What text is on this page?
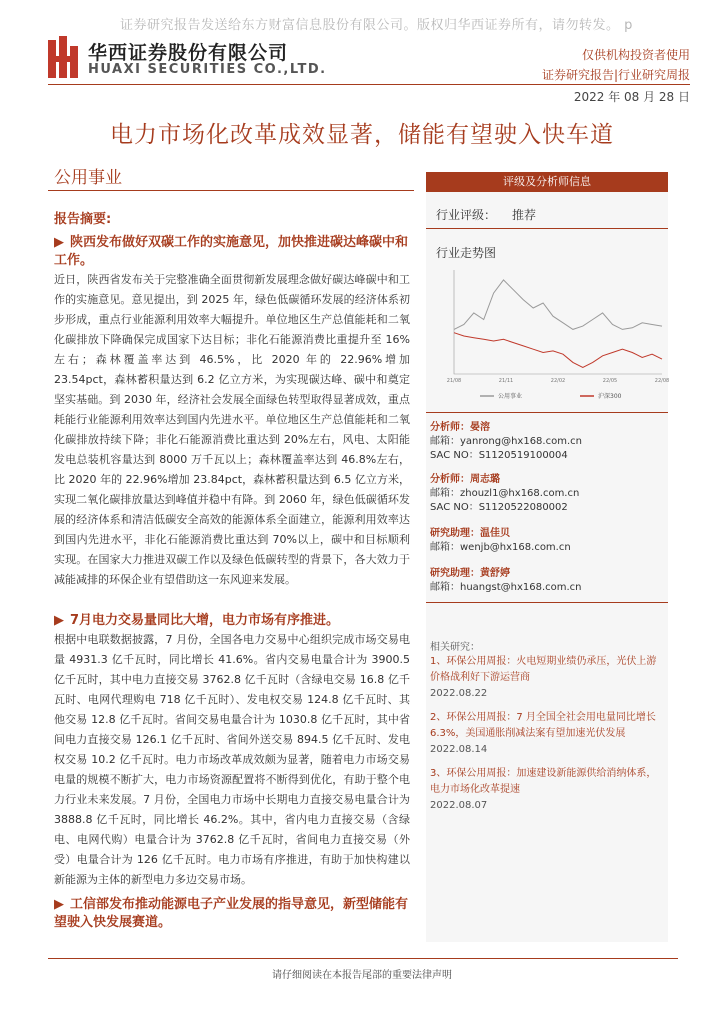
证券研究报告发送给东方财富信息股份有限公司。版权归华西证券所有，请勿转发。 p
华西证券股份有限公司
HUAXI SECURITIES CO.,LTD.
仅供机构投资者使用
证券研究报告|行业研究周报
2022 年 08 月 28 日
电力市场化改革成效显著，储能有望驶入快车道
公用事业
报告摘要:
▶ 陕西发布做好双碳工作的实施意见，加快推进碳达峰碳中和工作。
近日，陕西省发布关于完整准确全面贯彻新发展理念做好碳达峰碳中和工作的实施意见。意见提出，到 2025 年，绿色低碳循环发展的经济体系初步形成，重点行业能源利用效率大幅提升。单位地区生产总值能耗和二氧化碳排放下降确保完成国家下达目标；非化石能源消费比重提升至 16%左右；森林覆盖率达到 46.5%，比 2020 年的 22.96%增加 23.54pct，森林蓄积量达到 6.2 亿立方米，为实现碳达峰、碳中和奠定坚实基础。到 2030 年，经济社会发展全面绿色转型取得显著成效，重点耗能行业能源利用效率达到国内先进水平。单位地区生产总值能耗和二氧化碳排放持续下降；非化石能源消费比重达到 20%左右，风电、太阳能发电总装机容量达到 8000 万千瓦以上；森林覆盖率达到 46.8%左右，比 2020 年的 22.96%增加 23.84pct，森林蓄积量达到 6.5 亿立方米，实现二氧化碳排放量达到峰值并稳中有降。到 2060 年，绿色低碳循环发展的经济体系和清洁低碳安全高效的能源体系全面建立，能源利用效率达到国内先进水平，非化石能源消费比重达到 70%以上，碳中和目标顺利实现。在国家大力推进双碳工作以及绿色低碳转型的背景下，各大效力于减能减排的环保企业有望借助这一东风迎来发展。
▶ 7月电力交易量同比大增，电力市场有序推进。
根据中电联数据披露，7 月份，全国各电力交易中心组织完成市场交易电量 4931.3 亿千瓦时，同比增长 41.6%。省内交易电量合计为 3900.5 亿千瓦时，其中电力直接交易 3762.8 亿千瓦时（含绿电交易 16.8 亿千瓦时、电网代理购电 718 亿千瓦时）、发电权交易 124.8 亿千瓦时、其他交易 12.8 亿千瓦时。省间交易电量合计为 1030.8 亿千瓦时，其中省间电力直接交易 126.1 亿千瓦时、省间外送交易 894.5 亿千瓦时、发电权交易 10.2 亿千瓦时。电力市场改革成效颇为显著，随着电力市场交易电量的规模不断扩大，电力市场资源配置将不断得到优化，有助于整个电力行业未来发展。7 月份，全国电力市场中长期电力直接交易电量合计为 3888.8 亿千瓦时，同比增长 46.2%。其中，省内电力直接交易（含绿电、电网代购）电量合计为 3762.8 亿千瓦时，省间电力直接交易（外受）电量合计为 126 亿千瓦时。电力市场有序推进，有助于加快构建以新能源为主体的新型电力多边交易市场。
▶ 工信部发布推动能源电子产业发展的指导意见，新型储能有望驶入快发展赛道。
评级及分析师信息
行业评级： 推荐
行业走势图
21/08	21/11	22/02	22/05	22/08
公用事业	沪深300
分析师：晏溶
邮箱：yanrong@hx168.com.cn
SAC NO：S1120519100004
分析师：周志璐
邮箱：zhouzl1@hx168.com.cn
SAC NO：S1120522080002
研究助理：温佳贝
邮箱：wenjb@hx168.com.cn
研究助理：黄舒婷
邮箱：huangst@hx168.com.cn
相关研究：
1、环保公用周报：火电短期业绩仍承压，光伏上游价格战利好下游运营商
2022.08.22
2、环保公用周报：7 月全国全社会用电量同比增长 6.3%，美国通胀削减法案有望加速光伏发展
2022.08.14
3、环保公用周报：加速建设新能源供给消纳体系，电力市场化改革提速
2022.08.07
请仔细阅读在本报告尾部的重要法律声明
